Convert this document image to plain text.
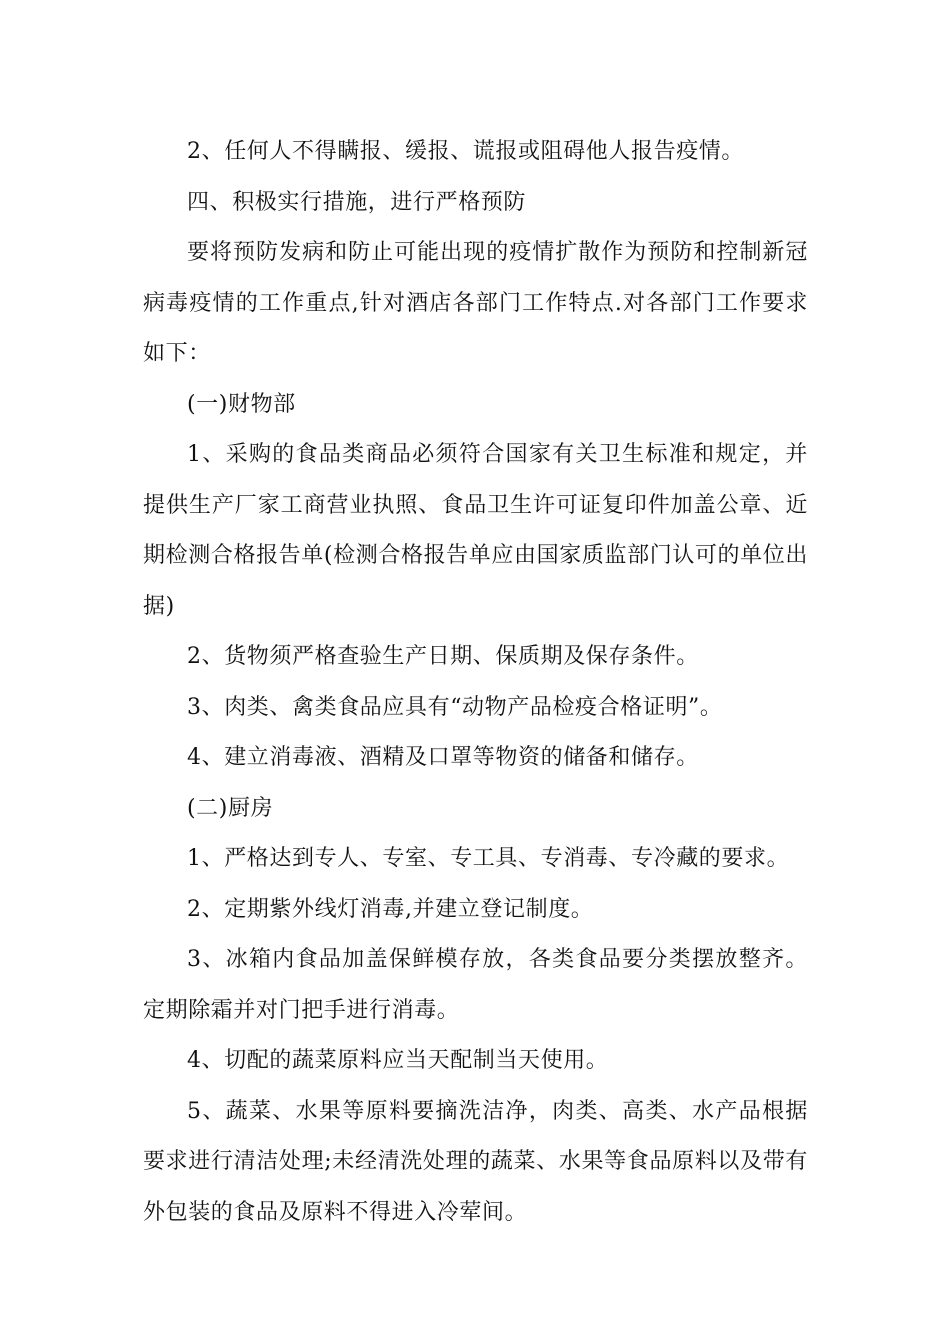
2、任何人不得瞒报、缓报、谎报或阻碍他人报告疫情。

四、积极实行措施，进行严格预防

要将预防发病和防止可能出现的疫情扩散作为预防和控制新冠病毒疫情的工作重点,针对酒店各部门工作特点.对各部门工作要求如下：

(一)财物部

1、采购的食品类商品必须符合国家有关卫生标准和规定，并提供生产厂家工商营业执照、食品卫生许可证复印件加盖公章、近期检测合格报告单(检测合格报告单应由国家质监部门认可的单位出据)

2、货物须严格查验生产日期、保质期及保存条件。

3、肉类、禽类食品应具有“动物产品检疫合格证明”。

4、建立消毒液、酒精及口罩等物资的储备和储存。

(二)厨房

1、严格达到专人、专室、专工具、专消毒、专冷藏的要求。

2、定期紫外线灯消毒,并建立登记制度。

3、冰箱内食品加盖保鲜模存放，各类食品要分类摆放整齐。定期除霜并对门把手进行消毒。

4、切配的蔬菜原料应当天配制当天使用。

5、蔬菜、水果等原料要摘洗洁净，肉类、高类、水产品根据要求进行清洁处理;未经清洗处理的蔬菜、水果等食品原料以及带有外包装的食品及原料不得进入冷荤间。
